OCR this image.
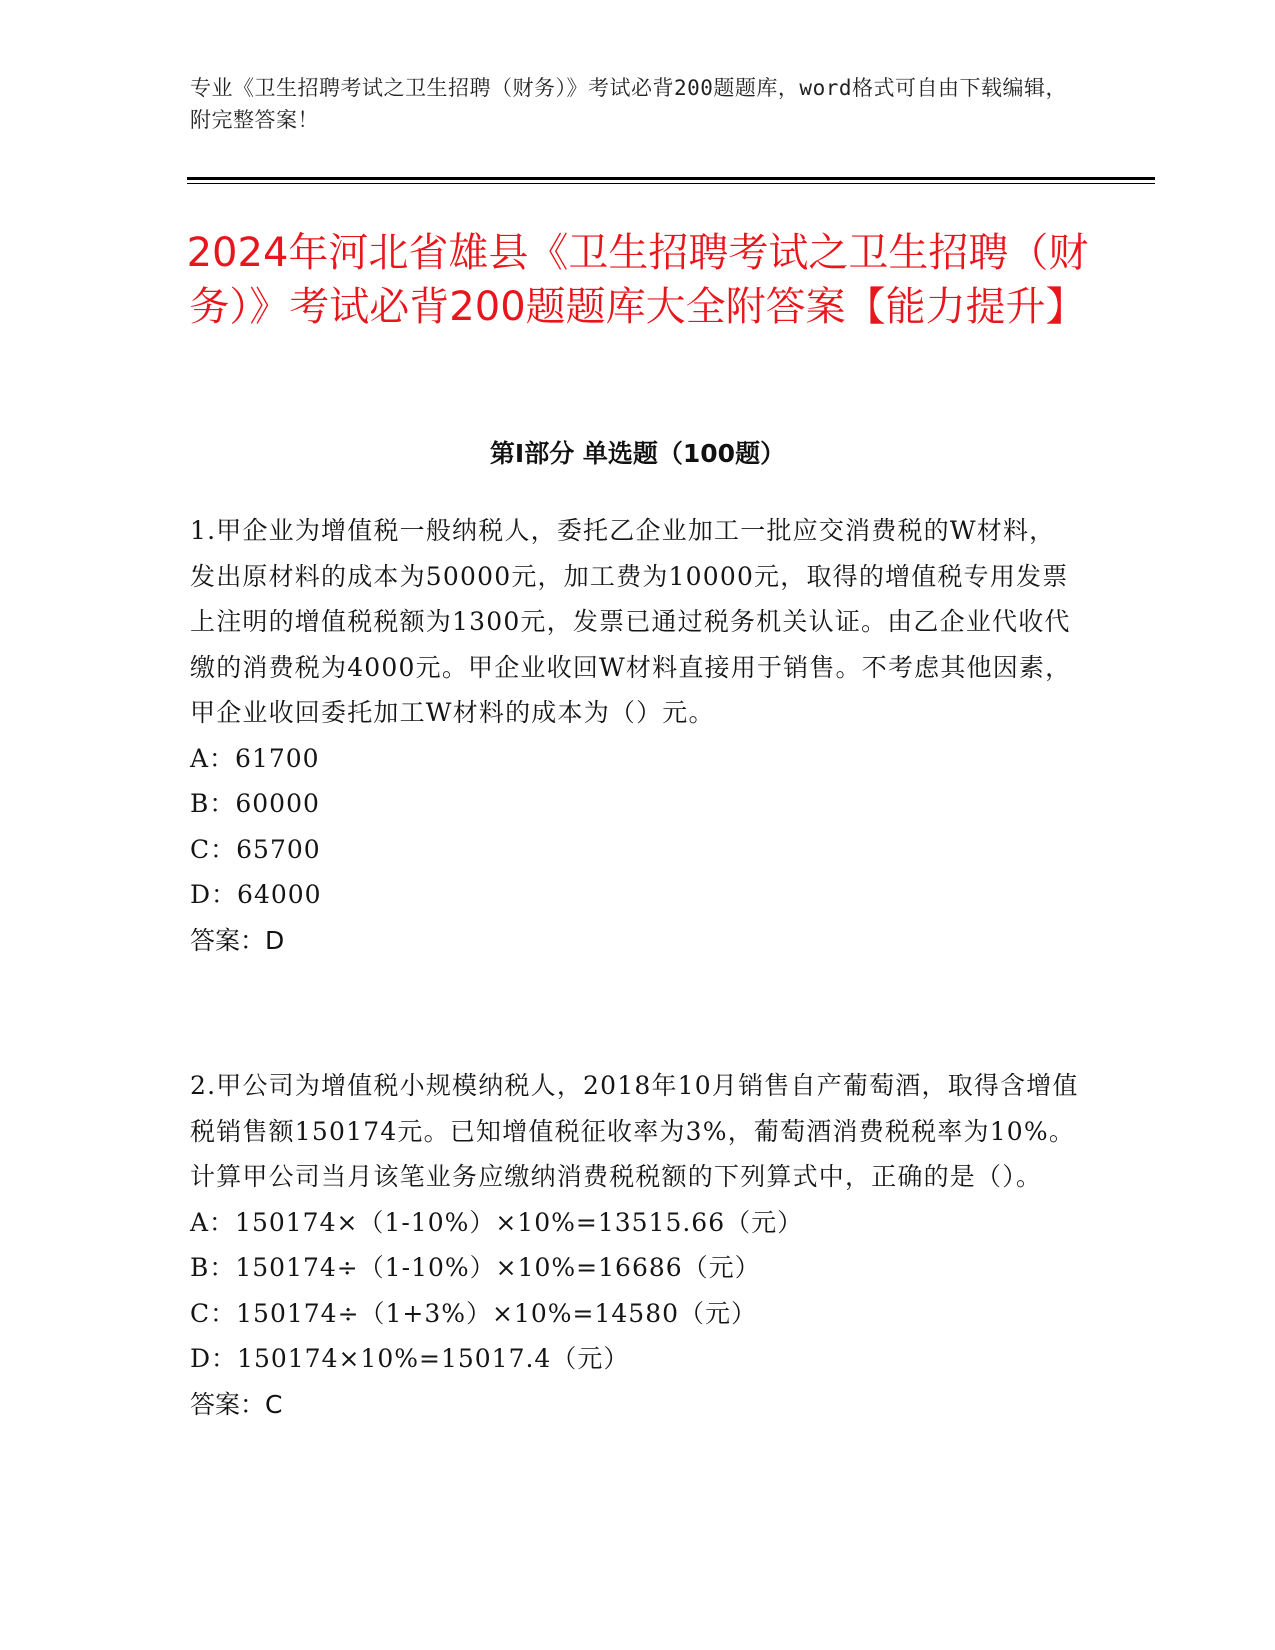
专业《卫生招聘考试之卫生招聘（财务）》考试必背200题题库，word格式可自由下载编辑，附完整答案！
2024年河北省雄县《卫生招聘考试之卫生招聘（财务）》考试必背200题题库大全附答案【能力提升】
第I部分 单选题（100题）

1.甲企业为增值税一般纳税人，委托乙企业加工一批应交消费税的W材料，发出原材料的成本为50000元，加工费为10000元，取得的增值税专用发票上注明的增值税税额为1300元，发票已通过税务机关认证。由乙企业代收代缴的消费税为4000元。甲企业收回W材料直接用于销售。不考虑其他因素，甲企业收回委托加工W材料的成本为（）元。

A：61700

B：60000

C：65700

D：64000

答案：D

2.甲公司为增值税小规模纳税人，2018年10月销售自产葡萄酒，取得含增值税销售额150174元。已知增值税征收率为3%，葡萄酒消费税税率为10%。计算甲公司当月该笔业务应缴纳消费税税额的下列算式中，正确的是（）。

A：150174×（1-10%）×10%=13515.66（元）

B：150174÷（1-10%）×10%=16686（元）

C：150174÷（1+3%）×10%=14580（元）

D：150174×10%=15017.4（元）

答案：C
